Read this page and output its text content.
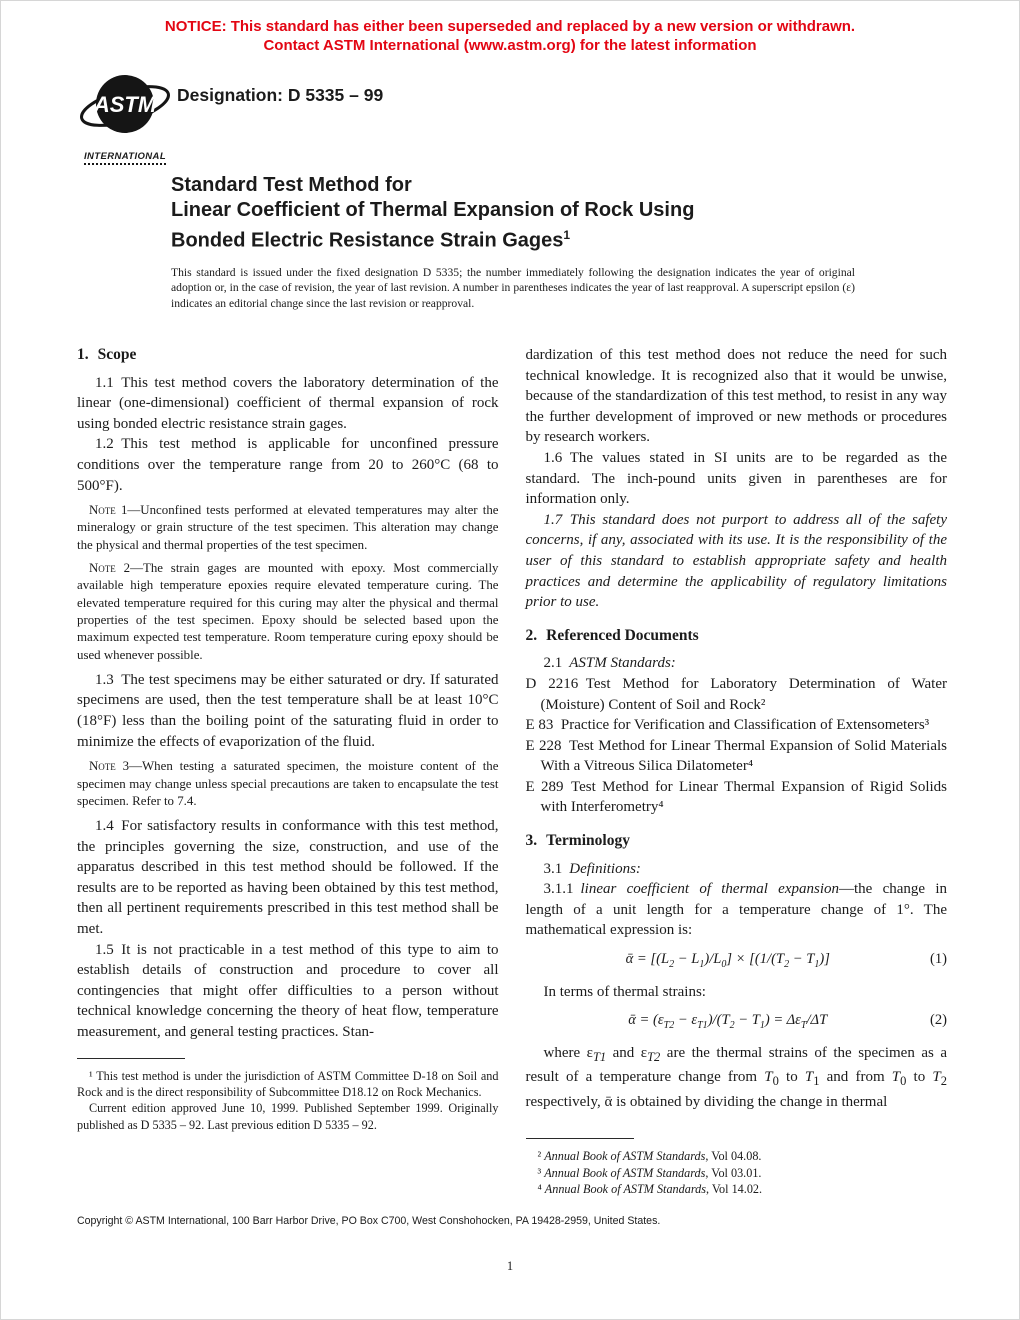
NOTICE: This standard has either been superseded and replaced by a new version or withdrawn.
Contact ASTM International (www.astm.org) for the latest information
ASTM
INTERNATIONAL
Designation: D 5335 – 99
Standard Test Method for
Linear Coefficient of Thermal Expansion of Rock Using
Bonded Electric Resistance Strain Gages$^1$

This standard is issued under the fixed designation D 5335; the number immediately following the designation indicates the year of original adoption or, in the case of revision, the year of last revision. A number in parentheses indicates the year of last reapproval. A superscript epsilon (ε) indicates an editorial change since the last revision or reapproval.

1. Scope

1.1 This test method covers the laboratory determination of the linear (one-dimensional) coefficient of thermal expansion of rock using bonded electric resistance strain gages.

1.2 This test method is applicable for unconfined pressure conditions over the temperature range from 20 to 260°C (68 to 500°F).

Note 1—Unconfined tests performed at elevated temperatures may alter the mineralogy or grain structure of the test specimen. This alteration may change the physical and thermal properties of the test specimen.

Note 2—The strain gages are mounted with epoxy. Most commercially available high temperature epoxies require elevated temperature curing. The elevated temperature required for this curing may alter the physical and thermal properties of the test specimen. Epoxy should be selected based upon the maximum expected test temperature. Room temperature curing epoxy should be used whenever possible.

1.3 The test specimens may be either saturated or dry. If saturated specimens are used, then the test temperature shall be at least 10°C (18°F) less than the boiling point of the saturating fluid in order to minimize the effects of evaporization of the fluid.

Note 3—When testing a saturated specimen, the moisture content of the specimen may change unless special precautions are taken to encapsulate the test specimen. Refer to 7.4.

1.4 For satisfactory results in conformance with this test method, the principles governing the size, construction, and use of the apparatus described in this test method should be followed. If the results are to be reported as having been obtained by this test method, then all pertinent requirements prescribed in this test method shall be met.

1.5 It is not practicable in a test method of this type to aim to establish details of construction and procedure to cover all contingencies that might offer difficulties to a person without technical knowledge concerning the theory of heat flow, temperature measurement, and general testing practices. Stan-

¹ This test method is under the jurisdiction of ASTM Committee D-18 on Soil and Rock and is the direct responsibility of Subcommittee D18.12 on Rock Mechanics.

Current edition approved June 10, 1999. Published September 1999. Originally published as D 5335 – 92. Last previous edition D 5335 – 92.

dardization of this test method does not reduce the need for such technical knowledge. It is recognized also that it would be unwise, because of the standardization of this test method, to resist in any way the further development of improved or new methods or procedures by research workers.

1.6 The values stated in SI units are to be regarded as the standard. The inch-pound units given in parentheses are for information only.

1.7 This standard does not purport to address all of the safety concerns, if any, associated with its use. It is the responsibility of the user of this standard to establish appropriate safety and health practices and determine the applicability of regulatory limitations prior to use.

2. Referenced Documents

2.1 ASTM Standards:

D 2216 Test Method for Laboratory Determination of Water (Moisture) Content of Soil and Rock²

E 83 Practice for Verification and Classification of Extensometers³

E 228 Test Method for Linear Thermal Expansion of Solid Materials With a Vitreous Silica Dilatometer⁴

E 289 Test Method for Linear Thermal Expansion of Rigid Solids with Interferometry⁴

3. Terminology

3.1 Definitions:

3.1.1 linear coefficient of thermal expansion—the change in length of a unit length for a temperature change of 1°. The mathematical expression is:

ᾱ = $[(L_2 - L_1)/L_0] \times [(1/(T_2 - T_1)]$	(1)

In terms of thermal strains:

ᾱ = $(\varepsilon_{T2} - \varepsilon_{T1})/(T_2 - T_1) = \Delta\varepsilon_T/\Delta T$	(2)

where $\varepsilon_{T1}$ and $\varepsilon_{T2}$ are the thermal strains of the specimen as a result of a temperature change from $T_0$ to $T_1$ and from $T_0$ to $T_2$ respectively, ᾱ is obtained by dividing the change in thermal

² Annual Book of ASTM Standards, Vol 04.08.

³ Annual Book of ASTM Standards, Vol 03.01.

⁴ Annual Book of ASTM Standards, Vol 14.02.

Copyright © ASTM International, 100 Barr Harbor Drive, PO Box C700, West Conshohocken, PA 19428-2959, United States.

1
